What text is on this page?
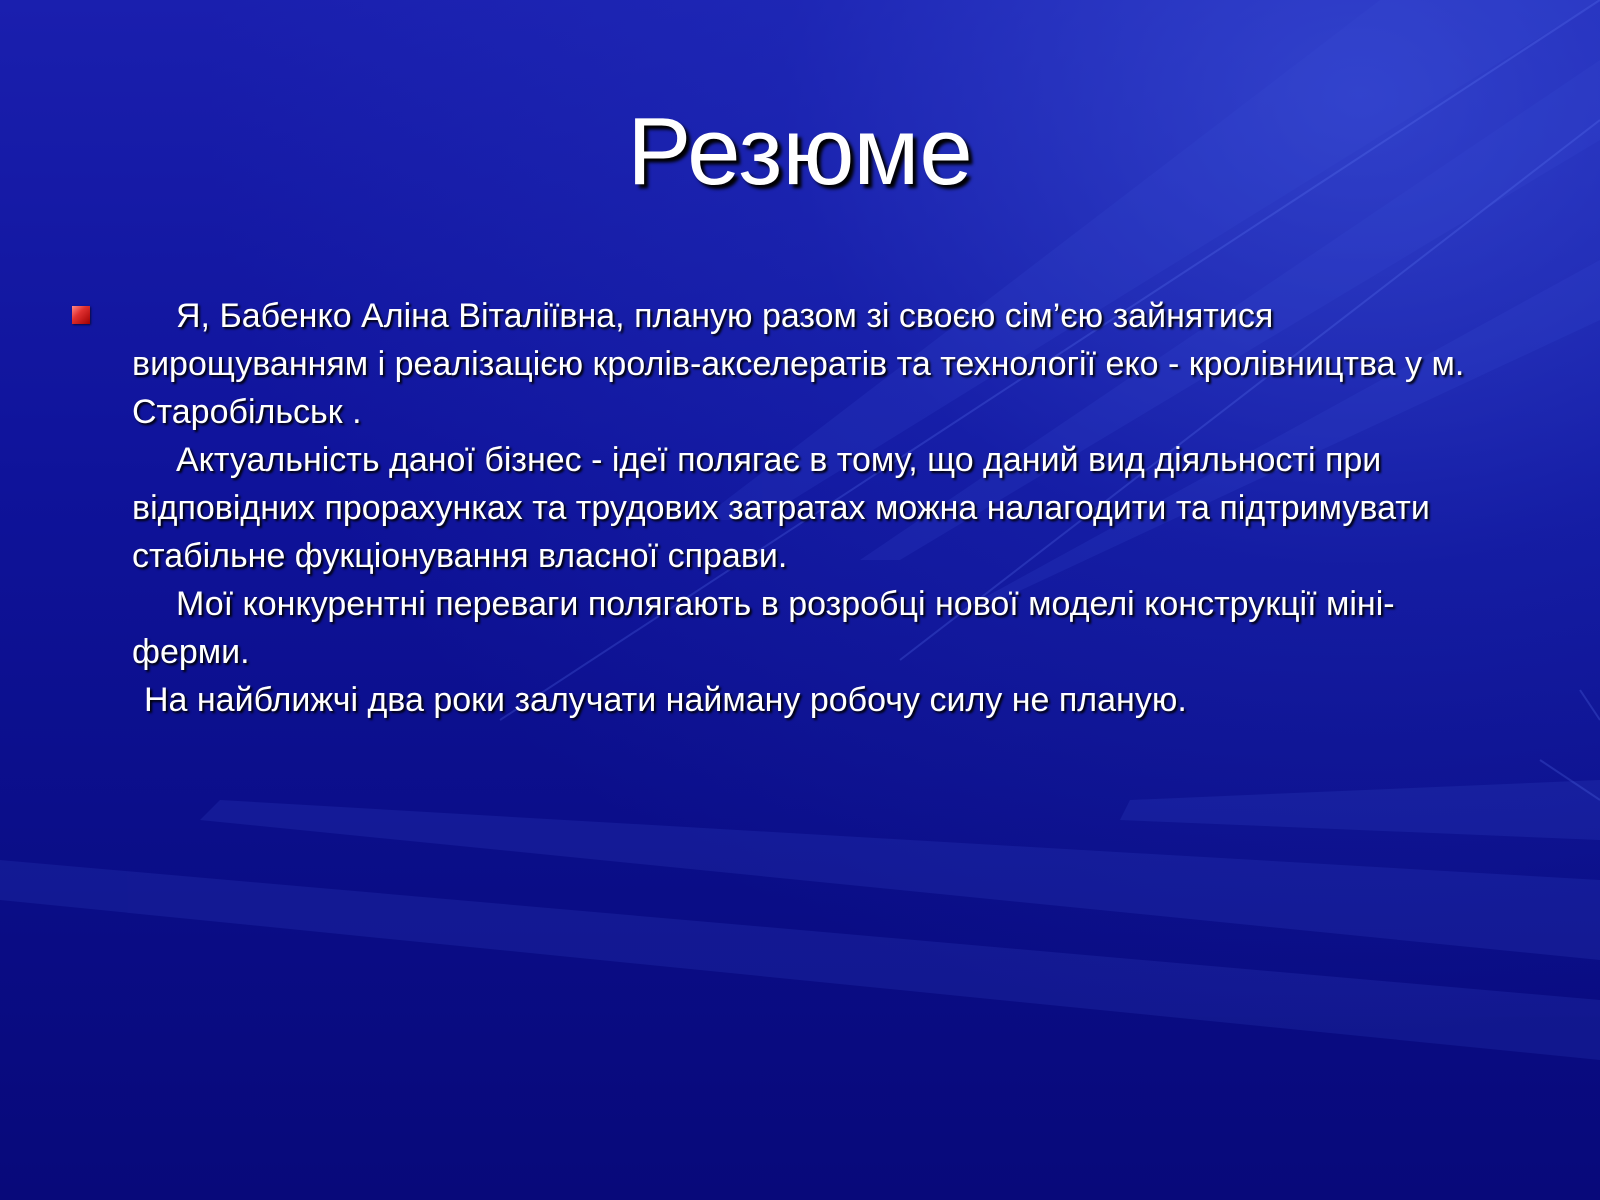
Резюме
Я, Бабенко Аліна Віталіївна, планую разом зі своєю сім’єю зайнятися вирощуванням і реалізацією кролів-акселератів та технології еко - кролівництва у м. Старобільськ .
Актуальність даної бізнес - ідеї полягає в тому, що даний вид діяльності при відповідних прорахунках та трудових затратах можна налагодити та підтримувати стабільне фукціонування власної справи.
Мої конкурентні переваги полягають в розробці нової моделі конструкції міні-ферми.
На найближчі два роки залучати найману робочу силу не планую.
